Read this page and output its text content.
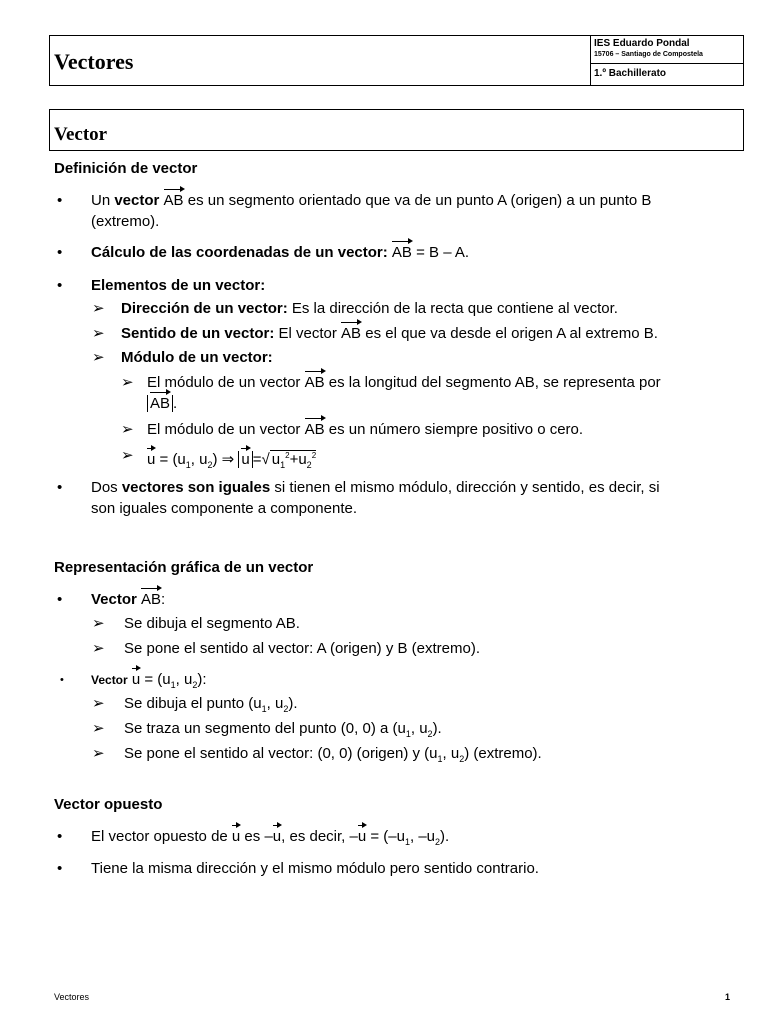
Vectores
IES Eduardo Pondal
15706 – Santiago de Compostela
1.º Bachillerato
Vector
Definición de vector
• Un vector AB es un segmento orientado que va de un punto A (origen) a un punto B
(extremo).
• Cálculo de las coordenadas de un vector: AB = B – A.
• Elementos de un vector:
➢ Dirección de un vector: Es la dirección de la recta que contiene al vector.
➢ Sentido de un vector: El vector AB es el que va desde el origen A al extremo B.
➢ Módulo de un vector:
➢ El módulo de un vector AB es la longitud del segmento AB, se representa por
AB .
➢ El módulo de un vector AB es un número siempre positivo o cero.
➢ $u = (u_1$, $u_2$) ⇒ u =√ $u_1^2+u_2^2$
• Dos vectores son iguales si tienen el mismo módulo, dirección y sentido, es decir, si
son iguales componente a componente.
Representación gráfica de un vector
• Vector AB:
➢ Se dibuja el segmento AB.
➢ Se pone el sentido al vector: A (origen) y B (extremo).
• Vector $u = (u_1$, $u_2$):
➢ Se dibuja el punto ($u_1$, $u_2$).
➢ Se traza un segmento del punto (0, 0) a ($u_1$, $u_2$).
➢ Se pone el sentido al vector: (0, 0) (origen) y ($u_1$, $u_2$) (extremo).
Vector opuesto
• El vector opuesto de u es –u, es decir, $-u = (-u_1$, $-u_2$).
• Tiene la misma dirección y el mismo módulo pero sentido contrario.
Vectores	1
